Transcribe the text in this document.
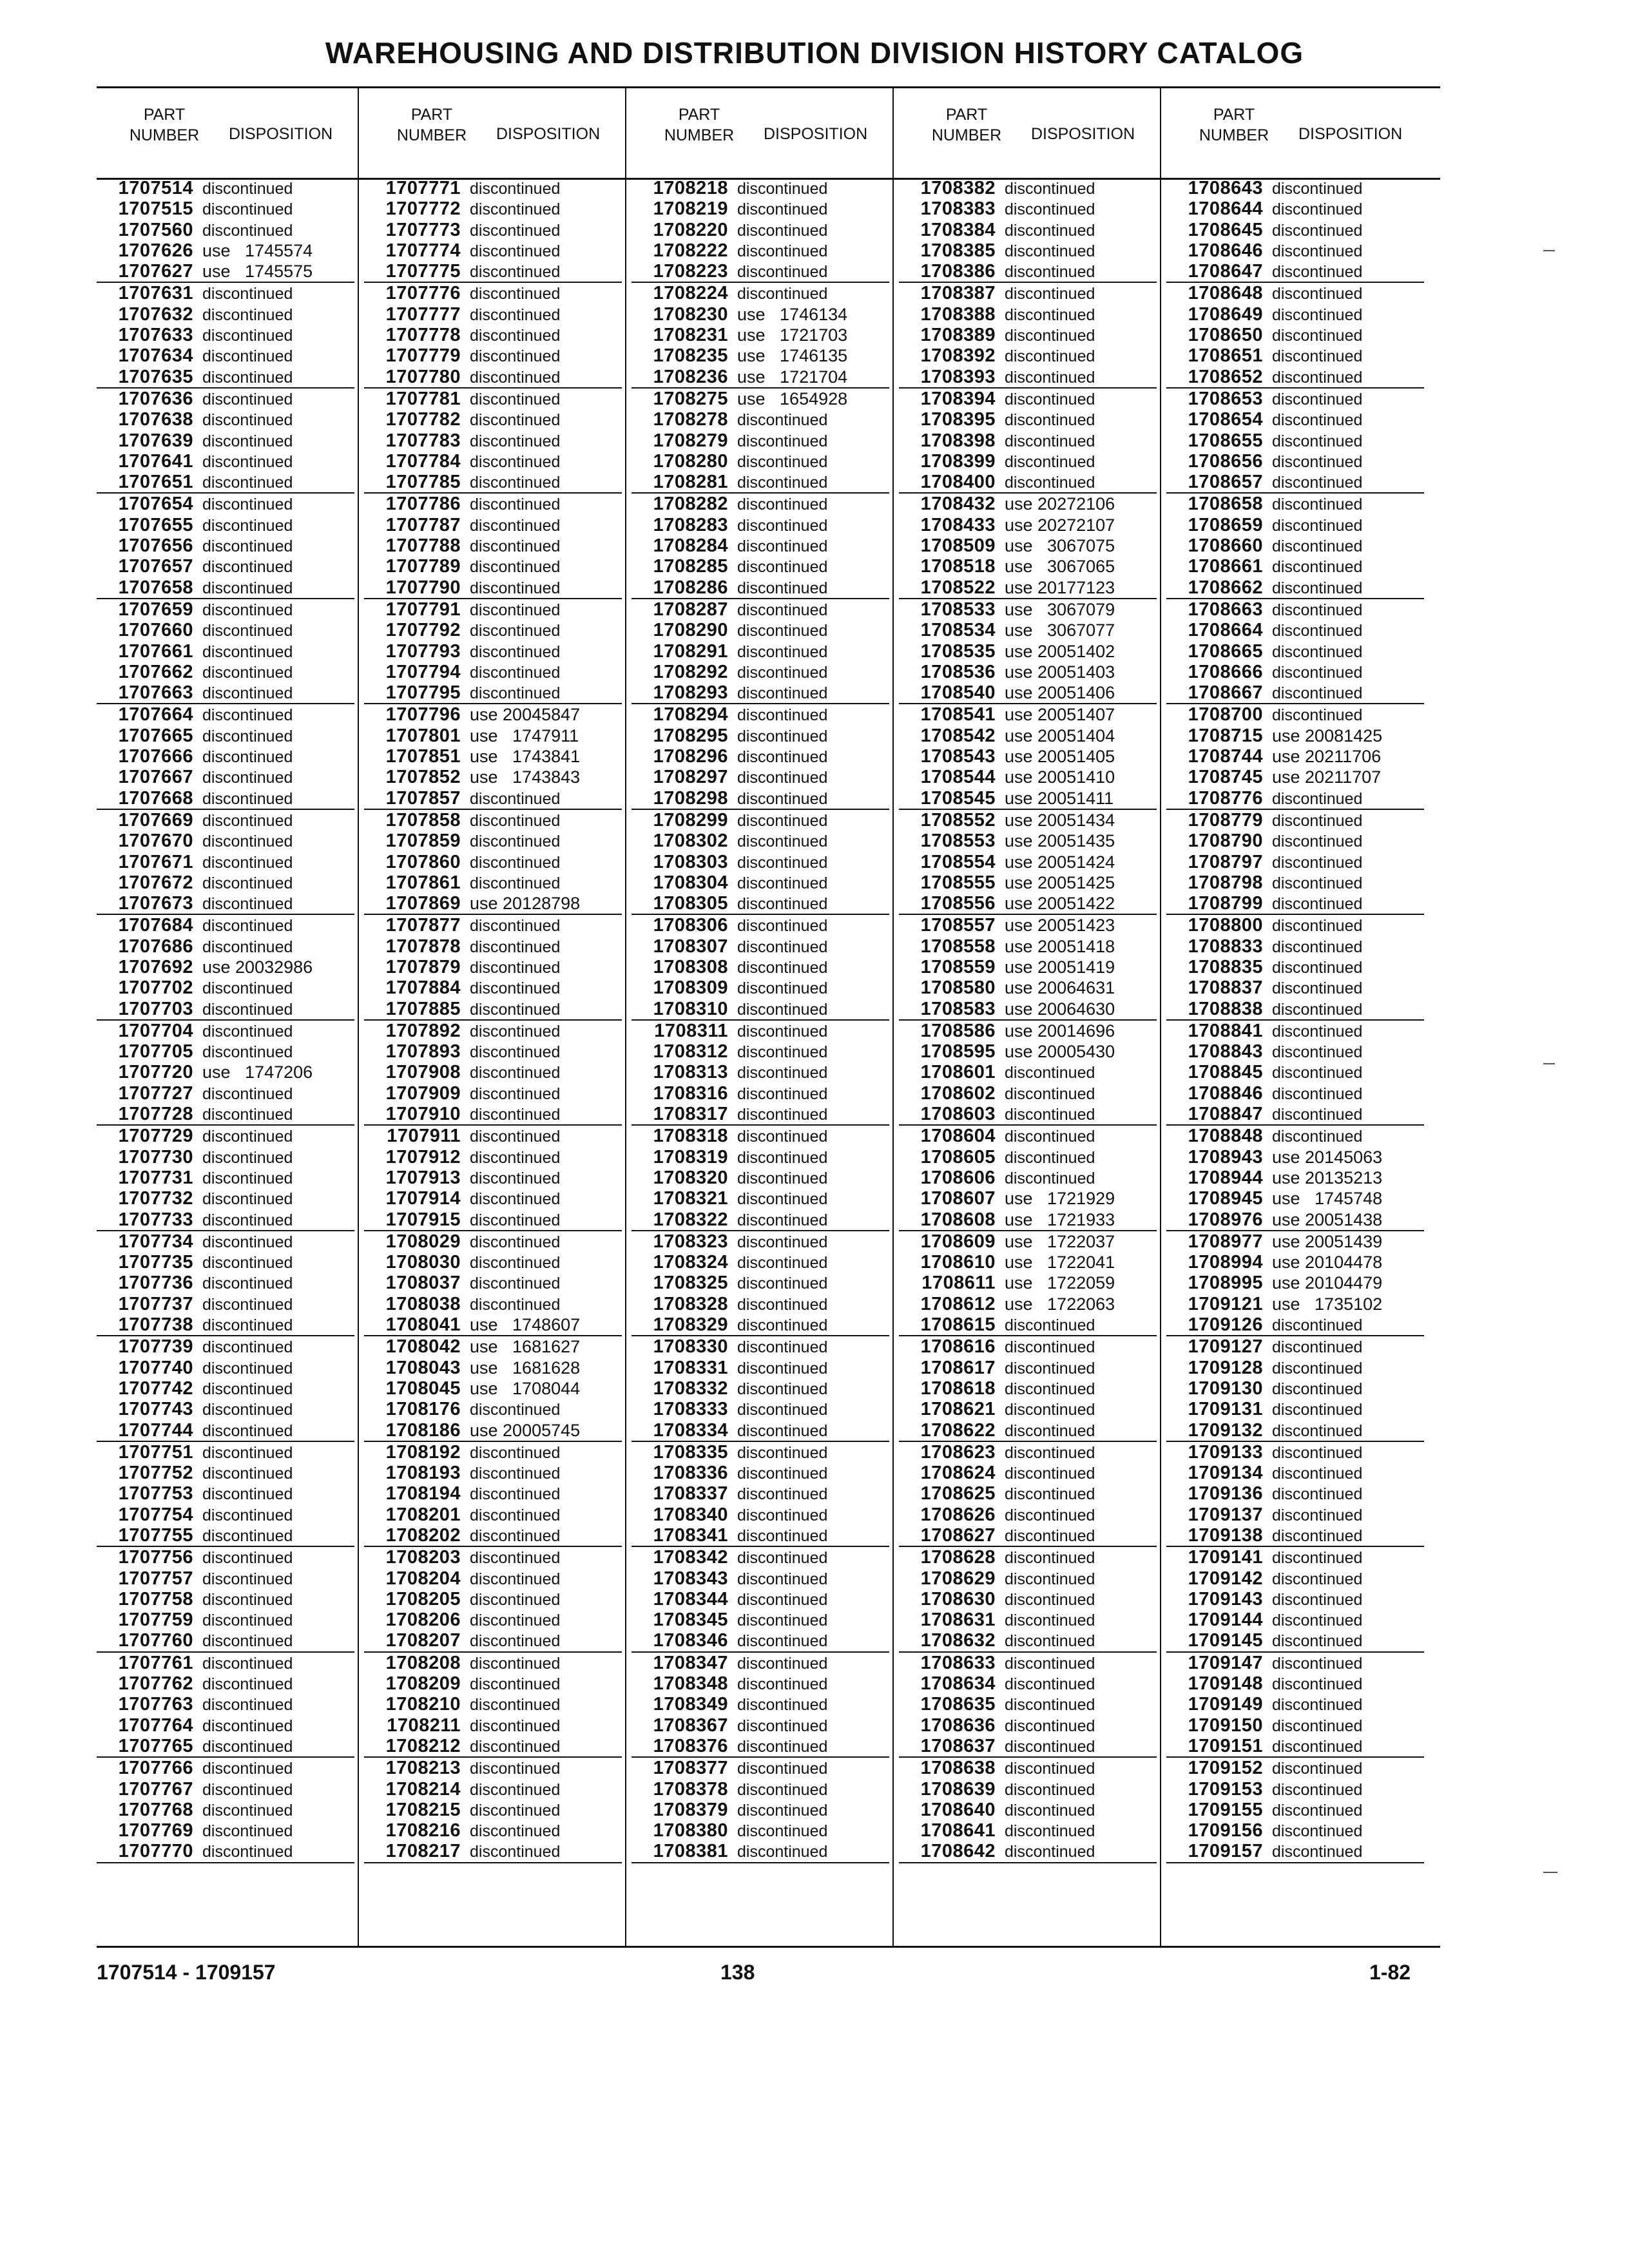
WAREHOUSING AND DISTRIBUTION DIVISION HISTORY CATALOG
PART
NUMBER	DISPOSITION
1707514 discontinued
1707515 discontinued
1707560 discontinued
1707626 use   1745574
1707627 use   1745575
1707631 discontinued
1707632 discontinued
1707633 discontinued
1707634 discontinued
1707635 discontinued
1707636 discontinued
1707638 discontinued
1707639 discontinued
1707641 discontinued
1707651 discontinued
1707654 discontinued
1707655 discontinued
1707656 discontinued
1707657 discontinued
1707658 discontinued
1707659 discontinued
1707660 discontinued
1707661 discontinued
1707662 discontinued
1707663 discontinued
1707664 discontinued
1707665 discontinued
1707666 discontinued
1707667 discontinued
1707668 discontinued
1707669 discontinued
1707670 discontinued
1707671 discontinued
1707672 discontinued
1707673 discontinued
1707684 discontinued
1707686 discontinued
1707692 use 20032986
1707702 discontinued
1707703 discontinued
1707704 discontinued
1707705 discontinued
1707720 use   1747206
1707727 discontinued
1707728 discontinued
1707729 discontinued
1707730 discontinued
1707731 discontinued
1707732 discontinued
1707733 discontinued
1707734 discontinued
1707735 discontinued
1707736 discontinued
1707737 discontinued
1707738 discontinued
1707739 discontinued
1707740 discontinued
1707742 discontinued
1707743 discontinued
1707744 discontinued
1707751 discontinued
1707752 discontinued
1707753 discontinued
1707754 discontinued
1707755 discontinued
1707756 discontinued
1707757 discontinued
1707758 discontinued
1707759 discontinued
1707760 discontinued
1707761 discontinued
1707762 discontinued
1707763 discontinued
1707764 discontinued
1707765 discontinued
1707766 discontinued
1707767 discontinued
1707768 discontinued
1707769 discontinued
1707770 discontinued
PART
NUMBER	DISPOSITION
1707771 discontinued
1707772 discontinued
1707773 discontinued
1707774 discontinued
1707775 discontinued
1707776 discontinued
1707777 discontinued
1707778 discontinued
1707779 discontinued
1707780 discontinued
1707781 discontinued
1707782 discontinued
1707783 discontinued
1707784 discontinued
1707785 discontinued
1707786 discontinued
1707787 discontinued
1707788 discontinued
1707789 discontinued
1707790 discontinued
1707791 discontinued
1707792 discontinued
1707793 discontinued
1707794 discontinued
1707795 discontinued
1707796 use 20045847
1707801 use   1747911
1707851 use   1743841
1707852 use   1743843
1707857 discontinued
1707858 discontinued
1707859 discontinued
1707860 discontinued
1707861 discontinued
1707869 use 20128798
1707877 discontinued
1707878 discontinued
1707879 discontinued
1707884 discontinued
1707885 discontinued
1707892 discontinued
1707893 discontinued
1707908 discontinued
1707909 discontinued
1707910 discontinued
1707911 discontinued
1707912 discontinued
1707913 discontinued
1707914 discontinued
1707915 discontinued
1708029 discontinued
1708030 discontinued
1708037 discontinued
1708038 discontinued
1708041 use   1748607
1708042 use   1681627
1708043 use   1681628
1708045 use   1708044
1708176 discontinued
1708186 use 20005745
1708192 discontinued
1708193 discontinued
1708194 discontinued
1708201 discontinued
1708202 discontinued
1708203 discontinued
1708204 discontinued
1708205 discontinued
1708206 discontinued
1708207 discontinued
1708208 discontinued
1708209 discontinued
1708210 discontinued
1708211 discontinued
1708212 discontinued
1708213 discontinued
1708214 discontinued
1708215 discontinued
1708216 discontinued
1708217 discontinued
PART
NUMBER	DISPOSITION
1708218 discontinued
1708219 discontinued
1708220 discontinued
1708222 discontinued
1708223 discontinued
1708224 discontinued
1708230 use   1746134
1708231 use   1721703
1708235 use   1746135
1708236 use   1721704
1708275 use   1654928
1708278 discontinued
1708279 discontinued
1708280 discontinued
1708281 discontinued
1708282 discontinued
1708283 discontinued
1708284 discontinued
1708285 discontinued
1708286 discontinued
1708287 discontinued
1708290 discontinued
1708291 discontinued
1708292 discontinued
1708293 discontinued
1708294 discontinued
1708295 discontinued
1708296 discontinued
1708297 discontinued
1708298 discontinued
1708299 discontinued
1708302 discontinued
1708303 discontinued
1708304 discontinued
1708305 discontinued
1708306 discontinued
1708307 discontinued
1708308 discontinued
1708309 discontinued
1708310 discontinued
1708311 discontinued
1708312 discontinued
1708313 discontinued
1708316 discontinued
1708317 discontinued
1708318 discontinued
1708319 discontinued
1708320 discontinued
1708321 discontinued
1708322 discontinued
1708323 discontinued
1708324 discontinued
1708325 discontinued
1708328 discontinued
1708329 discontinued
1708330 discontinued
1708331 discontinued
1708332 discontinued
1708333 discontinued
1708334 discontinued
1708335 discontinued
1708336 discontinued
1708337 discontinued
1708340 discontinued
1708341 discontinued
1708342 discontinued
1708343 discontinued
1708344 discontinued
1708345 discontinued
1708346 discontinued
1708347 discontinued
1708348 discontinued
1708349 discontinued
1708367 discontinued
1708376 discontinued
1708377 discontinued
1708378 discontinued
1708379 discontinued
1708380 discontinued
1708381 discontinued
PART
NUMBER	DISPOSITION
1708382 discontinued
1708383 discontinued
1708384 discontinued
1708385 discontinued
1708386 discontinued
1708387 discontinued
1708388 discontinued
1708389 discontinued
1708392 discontinued
1708393 discontinued
1708394 discontinued
1708395 discontinued
1708398 discontinued
1708399 discontinued
1708400 discontinued
1708432 use 20272106
1708433 use 20272107
1708509 use   3067075
1708518 use   3067065
1708522 use 20177123
1708533 use   3067079
1708534 use   3067077
1708535 use 20051402
1708536 use 20051403
1708540 use 20051406
1708541 use 20051407
1708542 use 20051404
1708543 use 20051405
1708544 use 20051410
1708545 use 20051411
1708552 use 20051434
1708553 use 20051435
1708554 use 20051424
1708555 use 20051425
1708556 use 20051422
1708557 use 20051423
1708558 use 20051418
1708559 use 20051419
1708580 use 20064631
1708583 use 20064630
1708586 use 20014696
1708595 use 20005430
1708601 discontinued
1708602 discontinued
1708603 discontinued
1708604 discontinued
1708605 discontinued
1708606 discontinued
1708607 use   1721929
1708608 use   1721933
1708609 use   1722037
1708610 use   1722041
1708611 use   1722059
1708612 use   1722063
1708615 discontinued
1708616 discontinued
1708617 discontinued
1708618 discontinued
1708621 discontinued
1708622 discontinued
1708623 discontinued
1708624 discontinued
1708625 discontinued
1708626 discontinued
1708627 discontinued
1708628 discontinued
1708629 discontinued
1708630 discontinued
1708631 discontinued
1708632 discontinued
1708633 discontinued
1708634 discontinued
1708635 discontinued
1708636 discontinued
1708637 discontinued
1708638 discontinued
1708639 discontinued
1708640 discontinued
1708641 discontinued
1708642 discontinued
PART
NUMBER	DISPOSITION
1708643 discontinued
1708644 discontinued
1708645 discontinued
1708646 discontinued
1708647 discontinued
1708648 discontinued
1708649 discontinued
1708650 discontinued
1708651 discontinued
1708652 discontinued
1708653 discontinued
1708654 discontinued
1708655 discontinued
1708656 discontinued
1708657 discontinued
1708658 discontinued
1708659 discontinued
1708660 discontinued
1708661 discontinued
1708662 discontinued
1708663 discontinued
1708664 discontinued
1708665 discontinued
1708666 discontinued
1708667 discontinued
1708700 discontinued
1708715 use 20081425
1708744 use 20211706
1708745 use 20211707
1708776 discontinued
1708779 discontinued
1708790 discontinued
1708797 discontinued
1708798 discontinued
1708799 discontinued
1708800 discontinued
1708833 discontinued
1708835 discontinued
1708837 discontinued
1708838 discontinued
1708841 discontinued
1708843 discontinued
1708845 discontinued
1708846 discontinued
1708847 discontinued
1708848 discontinued
1708943 use 20145063
1708944 use 20135213
1708945 use   1745748
1708976 use 20051438
1708977 use 20051439
1708994 use 20104478
1708995 use 20104479
1709121 use   1735102
1709126 discontinued
1709127 discontinued
1709128 discontinued
1709130 discontinued
1709131 discontinued
1709132 discontinued
1709133 discontinued
1709134 discontinued
1709136 discontinued
1709137 discontinued
1709138 discontinued
1709141 discontinued
1709142 discontinued
1709143 discontinued
1709144 discontinued
1709145 discontinued
1709147 discontinued
1709148 discontinued
1709149 discontinued
1709150 discontinued
1709151 discontinued
1709152 discontinued
1709153 discontinued
1709155 discontinued
1709156 discontinued
1709157 discontinued
1707514 - 1709157	138	1-82
